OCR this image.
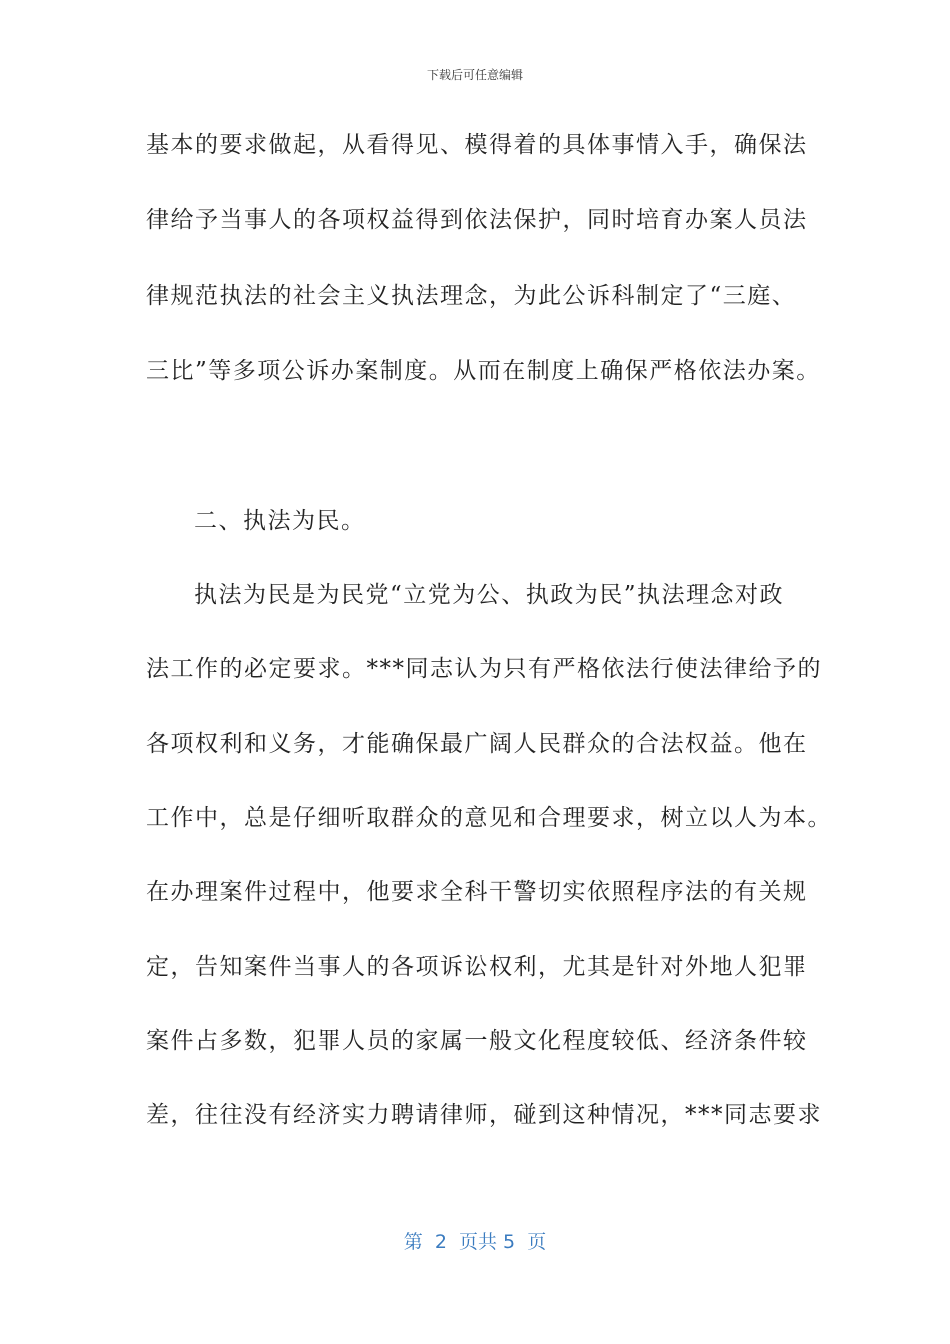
下载后可任意编辑
基本的要求做起，从看得见、模得着的具体事情入手，确保法
律给予当事人的各项权益得到依法保护，同时培育办案人员法
律规范执法的社会主义执法理念，为此公诉科制定了“三庭、
三比”等多项公诉办案制度。从而在制度上确保严格依法办案。
二、执法为民。
执法为民是为民党“立党为公、执政为民”执法理念对政
法工作的必定要求。***同志认为只有严格依法行使法律给予的
各项权利和义务，才能确保最广阔人民群众的合法权益。他在
工作中，总是仔细听取群众的意见和合理要求，树立以人为本。
在办理案件过程中，他要求全科干警切实依照程序法的有关规
定，告知案件当事人的各项诉讼权利，尤其是针对外地人犯罪
案件占多数，犯罪人员的家属一般文化程度较低、经济条件较
差，往往没有经济实力聘请律师，碰到这种情况，***同志要求
第  2  页共 5  页
